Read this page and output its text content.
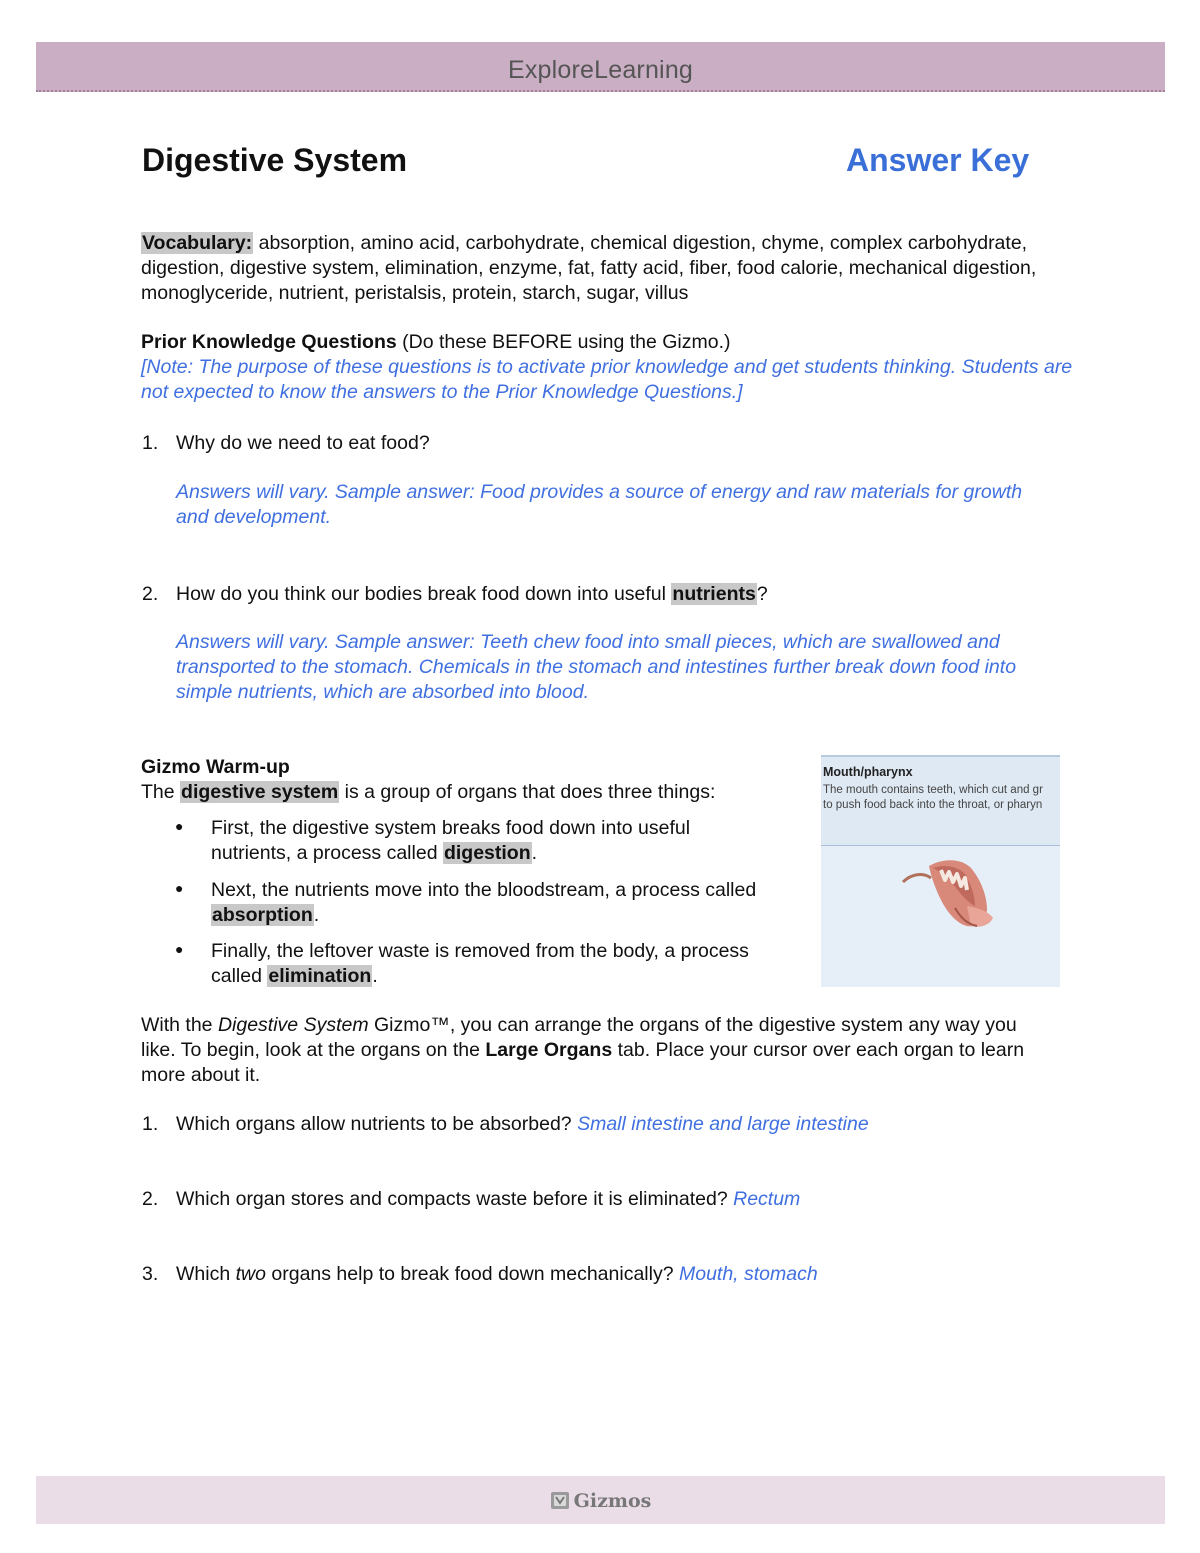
ExploreLearning
Digestive System	Answer Key
Vocabulary: absorption, amino acid, carbohydrate, chemical digestion, chyme, complex carbohydrate, digestion, digestive system, elimination, enzyme, fat, fatty acid, fiber, food calorie, mechanical digestion, monoglyceride, nutrient, peristalsis, protein, starch, sugar, villus
Prior Knowledge Questions (Do these BEFORE using the Gizmo.)
[Note: The purpose of these questions is to activate prior knowledge and get students thinking. Students are not expected to know the answers to the Prior Knowledge Questions.]
1. Why do we need to eat food?
Answers will vary. Sample answer: Food provides a source of energy and raw materials for growth and development.
2. How do you think our bodies break food down into useful nutrients?
Answers will vary. Sample answer: Teeth chew food into small pieces, which are swallowed and transported to the stomach. Chemicals in the stomach and intestines further break down food into simple nutrients, which are absorbed into blood.
Gizmo Warm-up
The digestive system is a group of organs that does three things:
● First, the digestive system breaks food down into useful nutrients, a process called digestion.
● Next, the nutrients move into the bloodstream, a process called absorption.
● Finally, the leftover waste is removed from the body, a process called elimination.
Mouth/pharynx
The mouth contains teeth, which cut and gr
to push food back into the throat, or pharyn
With the Digestive System Gizmo™, you can arrange the organs of the digestive system any way you like. To begin, look at the organs on the Large Organs tab. Place your cursor over each organ to learn more about it.
1. Which organs allow nutrients to be absorbed? Small intestine and large intestine
2. Which organ stores and compacts waste before it is eliminated? Rectum
3. Which two organs help to break food down mechanically? Mouth, stomach
Gizmos
